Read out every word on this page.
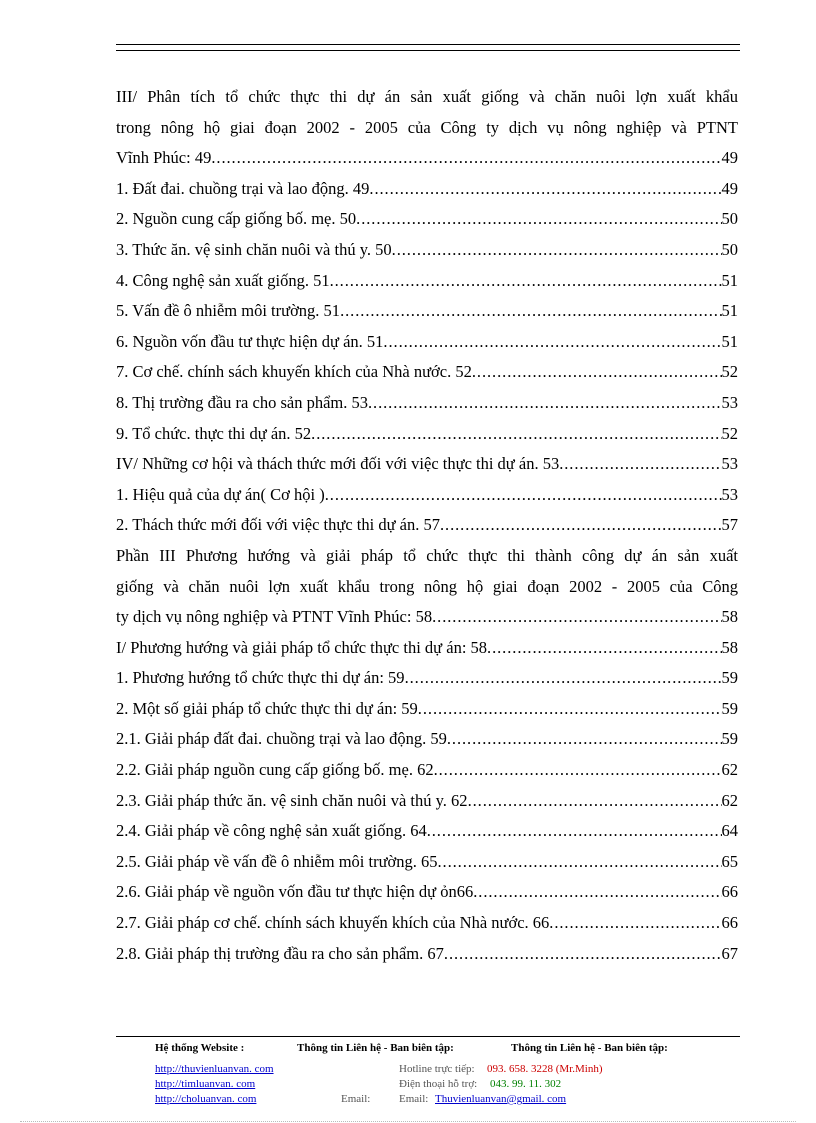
III/ Phân tích tổ chức thực thi dự án sản xuất giống và chăn nuôi lợn xuất khẩu
trong nông hộ giai đoạn 2002 - 2005 của Công ty dịch vụ nông nghiệp và PTNT
Vĩnh Phúc: 49 . . .	49
1. Đất đai. chuồng trại và lao động. 49 . . .	49
2. Nguồn cung cấp giống bố. mẹ. 50 . . .	50
3. Thức ăn. vệ sinh chăn nuôi và thú y. 50 . . .	50
4. Công nghệ sản xuất giống. 51 . . .	51
5. Vấn đề ô nhiễm môi trường. 51 . . .	51
6. Nguồn vốn đầu tư thực hiện dự án. 51 . . .	51
7. Cơ chế. chính sách khuyến khích của Nhà nước. 52 . . .	52
8. Thị trường đầu ra cho sản phẩm. 53 . . .	53
9. Tổ chức. thực thi dự án. 52 . . .	52
IV/ Những cơ hội và thách thức mới đối với việc thực thi dự án. 53 . . .	53
1. Hiệu quả của dự án( Cơ hội ) . . .	53
2. Thách thức mới đối với việc thực thi dự án. 57 . . .	57
Phần III Phương hướng và giải pháp tổ chức thực thi thành công dự án sản xuất
giống và chăn nuôi lợn xuất khẩu trong nông hộ giai đoạn 2002 - 2005 của Công
ty dịch vụ nông nghiệp và PTNT Vĩnh Phúc: 58 . . .	58
I/ Phương hướng và giải pháp tổ chức thực thi dự án: 58 . . .	58
1. Phương hướng tổ chức thực thi dự án: 59 . . .	59
2. Một số giải pháp tổ chức thực thi dự án: 59 . . .	59
2.1. Giải pháp đất đai. chuồng trại và lao động. 59 . . .	59
2.2. Giải pháp nguồn cung cấp giống bố. mẹ. 62 . . .	62
2.3. Giải pháp thức ăn. vệ sinh chăn nuôi và thú y. 62 . . .	62
2.4. Giải pháp về công nghệ sản xuất giống. 64 . . .	64
2.5. Giải pháp về vấn đề ô nhiễm môi trường. 65 . . .	65
2.6. Giải pháp về nguồn vốn đầu tư thực hiện dự ỏn66 . . .	66
2.7. Giải pháp cơ chế. chính sách khuyến khích của Nhà nước. 66 . . .	66
2.8. Giải pháp thị trường đầu ra cho sản phẩm. 67 . . .	67
Hệ thống Website :	Thông tin Liên hệ - Ban biên tập:	Thông tin Liên hệ - Ban biên tập:
http://thuvienluanvan. com
http://timluanvan. com
http://choluanvan. com
Hotline trực tiếp: 093. 658. 3228 (Mr.Minh)
Điện thoại hỗ trợ: 043. 99. 11. 302
Email:	Email: Thuvienluanvan@gmail. com
